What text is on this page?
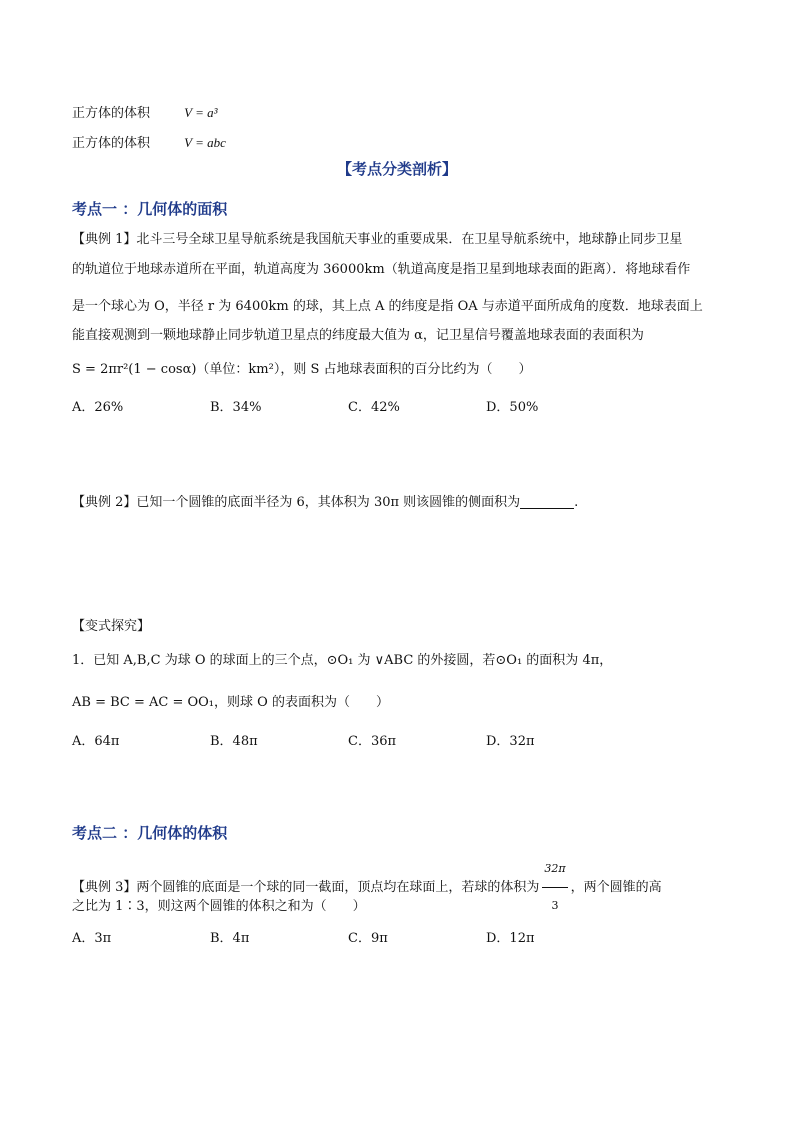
正方体的体积	V = a³
正方体的体积	V = abc
【考点分类剖析】
考点一 ：几何体的面积
【典例 1】北斗三号全球卫星导航系统是我国航天事业的重要成果．在卫星导航系统中，地球静止同步卫星
的轨道位于地球赤道所在平面，轨道高度为 36000km（轨道高度是指卫星到地球表面的距离）．将地球看作
是一个球心为 O，半径 r 为 6400km 的球，其上点 A 的纬度是指 OA 与赤道平面所成角的度数．地球表面上
能直接观测到一颗地球静止同步轨道卫星点的纬度最大值为 α，记卫星信号覆盖地球表面的表面积为
S = 2πr²(1 − cosα)（单位：km²），则 S 占地球表面积的百分比约为（　　）
A．26%	B．34%	C．42%	D．50%
【典例 2】已知一个圆锥的底面半径为 6，其体积为 30π 则该圆锥的侧面积为	.
【变式探究】
1．已知 A,B,C 为球 O 的球面上的三个点，⊙O₁ 为 ∨ABC 的外接圆，若⊙O₁ 的面积为 4π，
AB = BC = AC = OO₁，则球 O 的表面积为（　　）
A．64π	B．48π	C．36π	D．32π
考点二 ：几何体的体积
【典例 3】两个圆锥的底面是一个球的同一截面，顶点均在球面上，若球的体积为 $\frac{32\pi}{3}$ ，两个圆锥的高
之比为 1∶3，则这两个圆锥的体积之和为（　　）
A．3π	B．4π	C．9π	D．12π
